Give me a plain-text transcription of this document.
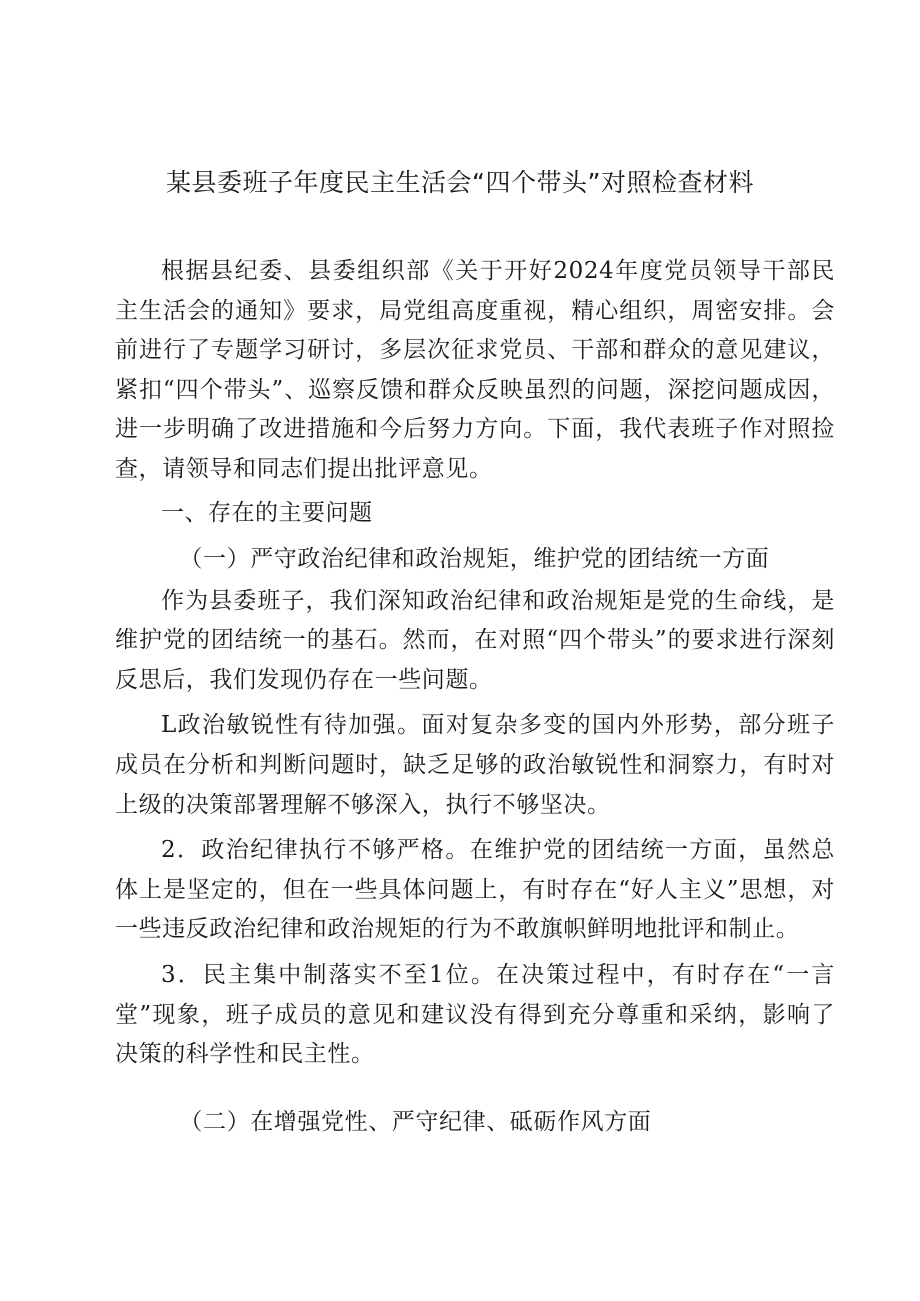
某县委班子年度民主生活会“四个带头”对照检查材料

根据县纪委、县委组织部《关于开好2024年度党员领导干部民主生活会的通知》要求，局党组高度重视，精心组织，周密安排。会前进行了专题学习研讨，多层次征求党员、干部和群众的意见建议，紧扣“四个带头”、巡察反馈和群众反映虽烈的问题，深挖问题成因，进一步明确了改进措施和今后努力方向。下面，我代表班子作对照捡查，请领导和同志们提出批评意见。

一、存在的主要问题
（一）严守政治纪律和政治规矩，维护党的团结统一方面

作为县委班子，我们深知政治纪律和政治规矩是党的生命线，是维护党的团结统一的基石。然而，在对照“四个带头”的要求进行深刻反思后，我们发现仍存在一些问题。

L政治敏锐性有待加强。面对复杂多变的国内外形势，部分班子成员在分析和判断问题时，缺乏足够的政治敏锐性和洞察力，有时对上级的决策部署理解不够深入，执行不够坚决。

2．政治纪律执行不够严格。在维护党的团结统一方面，虽然总体上是坚定的，但在一些具体问题上，有时存在“好人主义”思想，对一些违反政治纪律和政治规矩的行为不敢旗帜鲜明地批评和制止。

3．民主集中制落实不至1位。在决策过程中，有时存在“一言堂”现象，班子成员的意见和建议没有得到充分尊重和采纳，影响了决策的科学性和民主性。

（二）在增强党性、严守纪律、砥砺作风方面
